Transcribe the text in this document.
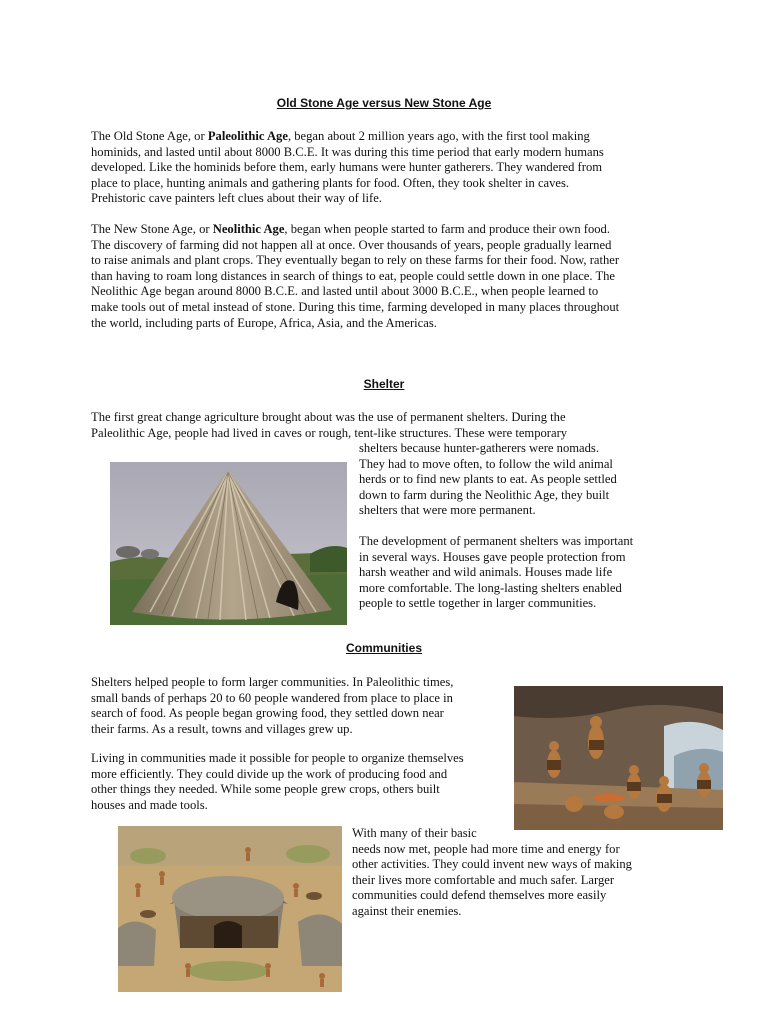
Old Stone Age versus New Stone Age

The Old Stone Age, or Paleolithic Age, began about 2 million years ago, with the first tool making
hominids, and lasted until about 8000 B.C.E. It was during this time period that early modern humans
developed. Like the hominids before them, early humans were hunter gatherers. They wandered from
place to place, hunting animals and gathering plants for food. Often, they took shelter in caves.
Prehistoric cave painters left clues about their way of life.

The New Stone Age, or Neolithic Age, began when people started to farm and produce their own food.
The discovery of farming did not happen all at once. Over thousands of years, people gradually learned
to raise animals and plant crops. They eventually began to rely on these farms for their food. Now, rather
than having to roam long distances in search of things to eat, people could settle down in one place. The
Neolithic Age began around 8000 B.C.E. and lasted until about 3000 B.C.E., when people learned to
make tools out of metal instead of stone. During this time, farming developed in many places throughout
the world, including parts of Europe, Africa, Asia, and the Americas.

Shelter

The first great change agriculture brought about was the use of permanent shelters. During the
Paleolithic Age, people had lived in caves or rough, tent-like structures. These were temporary

shelters because hunter-gatherers were nomads.
They had to move often, to follow the wild animal
herds or to find new plants to eat. As people settled
down to farm during the Neolithic Age, they built
shelters that were more permanent.

The development of permanent shelters was important
in several ways. Houses gave people protection from
harsh weather and wild animals. Houses made life
more comfortable. The long-lasting shelters enabled
people to settle together in larger communities.

Communities

Shelters helped people to form larger communities. In Paleolithic times,
small bands of perhaps 20 to 60 people wandered from place to place in
search of food. As people began growing food, they settled down near
their farms. As a result, towns and villages grew up.

Living in communities made it possible for people to organize themselves
more efficiently. They could divide up the work of producing food and
other things they needed. While some people grew crops, others built
houses and made tools.

With many of their basic
needs now met, people had more time and energy for
other activities. They could invent new ways of making
their lives more comfortable and much safer. Larger
communities could defend themselves more easily
against their enemies.
